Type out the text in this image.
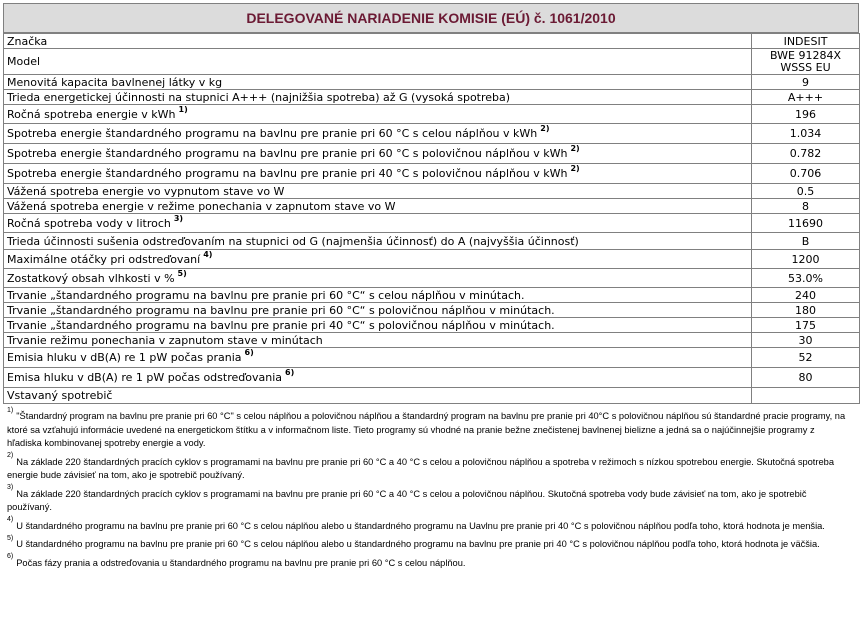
DELEGOVANÉ NARIADENIE KOMISIE (EÚ) č. 1061/2010
Značka	INDESIT
Model	BWE 91284X WSSS EU
Menovitá kapacita bavlnenej látky v kg	9
Trieda energetickej účinnosti na stupnici A+++ (najnižšia spotreba) až G (vysoká spotreba)	A+++
Ročná spotreba energie v kWh $^{1)}$	196
Spotreba energie štandardného programu na bavlnu pre pranie pri 60 °C s celou náplňou v kWh $^{2)}$	1.034
Spotreba energie štandardného programu na bavlnu pre pranie pri 60 °C s polovičnou náplňou v kWh $^{2)}$	0.782
Spotreba energie štandardného programu na bavlnu pre pranie pri 40 °C s polovičnou náplňou v kWh $^{2)}$	0.706
Vážená spotreba energie vo vypnutom stave vo W	0.5
Vážená spotreba energie v režime ponechania v zapnutom stave vo W	8
Ročná spotreba vody v litroch $^{3)}$	11690
Trieda účinnosti sušenia odstreďovaním na stupnici od G (najmenšia účinnosť) do A (najvyššia účinnosť)	B
Maximálne otáčky pri odstreďovaní $^{4)}$	1200
Zostatkový obsah vlhkosti v % $^{5)}$	53.0%
Trvanie „štandardného programu na bavlnu pre pranie pri 60 °C“ s celou náplňou v minútach.	240
Trvanie „štandardného programu na bavlnu pre pranie pri 60 °C“ s polovičnou náplňou v minútach.	180
Trvanie „štandardného programu na bavlnu pre pranie pri 40 °C“ s polovičnou náplňou v minútach.	175
Trvanie režimu ponechania v zapnutom stave v minútach	30
Emisia hluku v dB(A) re 1 pW počas prania $^{6)}$	52
Emisa hluku v dB(A) re 1 pW počas odstreďovania $^{6)}$	80
Vstavaný spotrebič	
$^{1)}$"Štandardný program na bavlnu pre pranie pri 60 °C" s celou náplňou a polovičnou náplňou a štandardný program na bavlnu pre pranie pri 40°C s polovičnou náplňou sú štandardné pracie programy, na ktoré sa vzťahujú informácie uvedené na energetickom štítku a v informačnom liste. Tieto programy sú vhodné na pranie bežne znečistenej bavlnenej bielizne a jedná sa o najúčinnejšie programy z hľadiska kombinovanej spotreby energie a vody.
$^{2)}$Na základe 220 štandardných pracích cyklov s programami na bavlnu pre pranie pri 60 °C a 40 °C s celou a polovičnou náplňou a spotreba v režimoch s nízkou spotrebou energie. Skutočná spotreba energie bude závisieť na tom, ako je spotrebič používaný.
$^{3)}$Na základe 220 štandardných pracích cyklov s programami na bavlnu pre pranie pri 60 °C a 40 °C s celou a polovičnou náplňou. Skutočná spotreba vody bude závisieť na tom, ako je spotrebič používaný.
$^{4)}$U štandardného programu na bavlnu pre pranie pri 60 °C s celou náplňou alebo u štandardného programu na Uavlnu pre pranie pri 40 °C s polovičnou náplňou podľa toho, ktorá hodnota je menšia.
$^{5)}$U štandardného programu na bavlnu pre pranie pri 60 °C s celou náplňou alebo u štandardného programu na bavlnu pre pranie pri 40 °C s polovičnou náplňou podľa toho, ktorá hodnota je väčšia.
$^{6)}$Počas fázy prania a odstreďovania u štandardného programu na bavlnu pre pranie pri 60 °C s celou náplňou.
